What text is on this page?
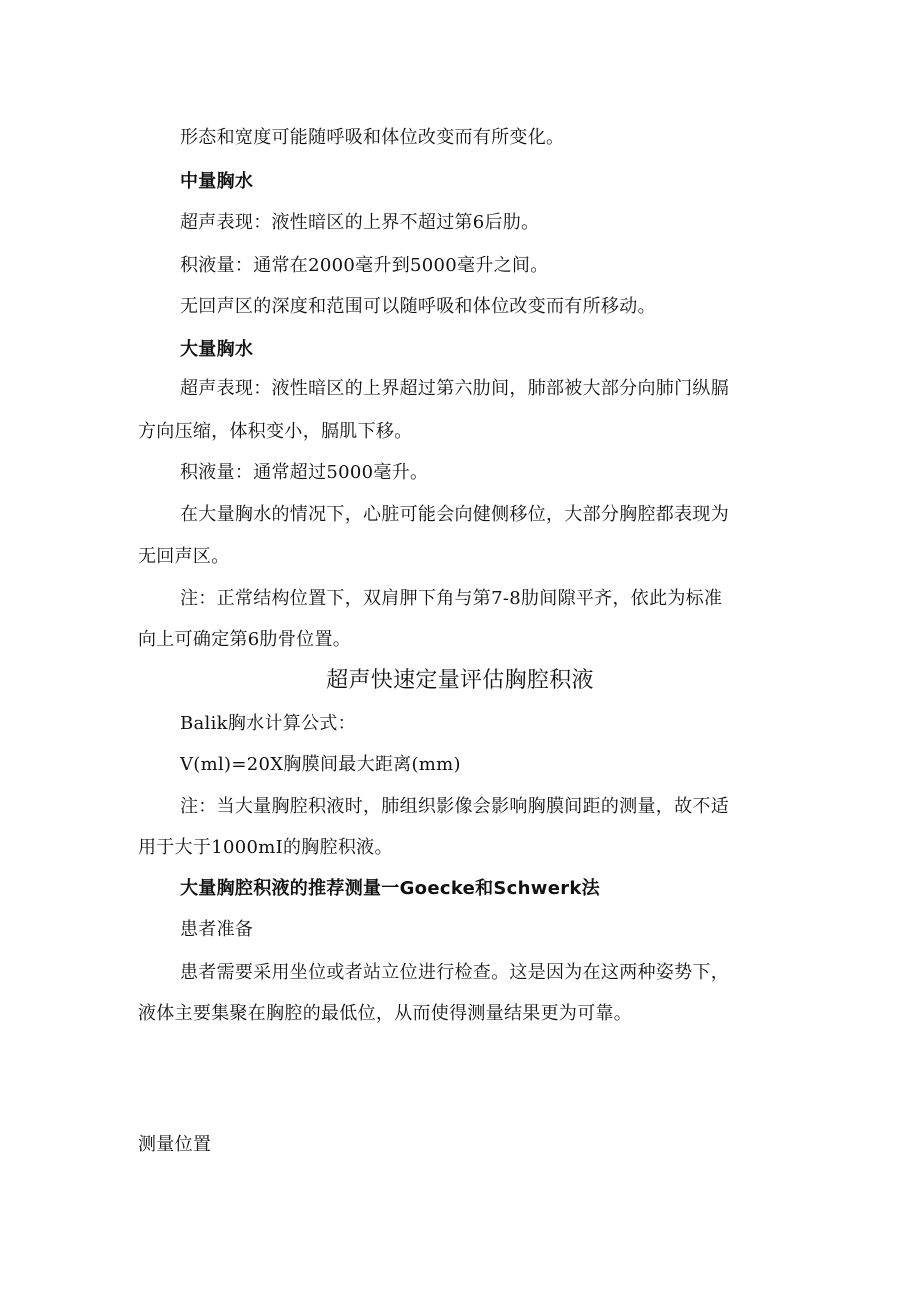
形态和宽度可能随呼吸和体位改变而有所变化。
中量胸水
超声表现：液性暗区的上界不超过第6后肋。
积液量：通常在2000毫升到5000毫升之间。
无回声区的深度和范围可以随呼吸和体位改变而有所移动。
大量胸水
超声表现：液性暗区的上界超过第六肋间，肺部被大部分向肺门纵膈
方向压缩，体积变小，膈肌下移。
积液量：通常超过5000毫升。
在大量胸水的情况下，心脏可能会向健侧移位，大部分胸腔都表现为
无回声区。
注：正常结构位置下，双肩胛下角与第7-8肋间隙平齐，依此为标准
向上可确定第6肋骨位置。
超声快速定量评估胸腔积液
Balik胸水计算公式：
V(ml)=20X胸膜间最大距离(mm)
注：当大量胸腔积液时，肺组织影像会影响胸膜间距的测量，故不适
用于大于1000mI的胸腔积液。
大量胸腔积液的推荐测量一Goecke和Schwerk法
患者准备
患者需要采用坐位或者站立位进行检查。这是因为在这两种姿势下，
液体主要集聚在胸腔的最低位，从而使得测量结果更为可靠。
测量位置
